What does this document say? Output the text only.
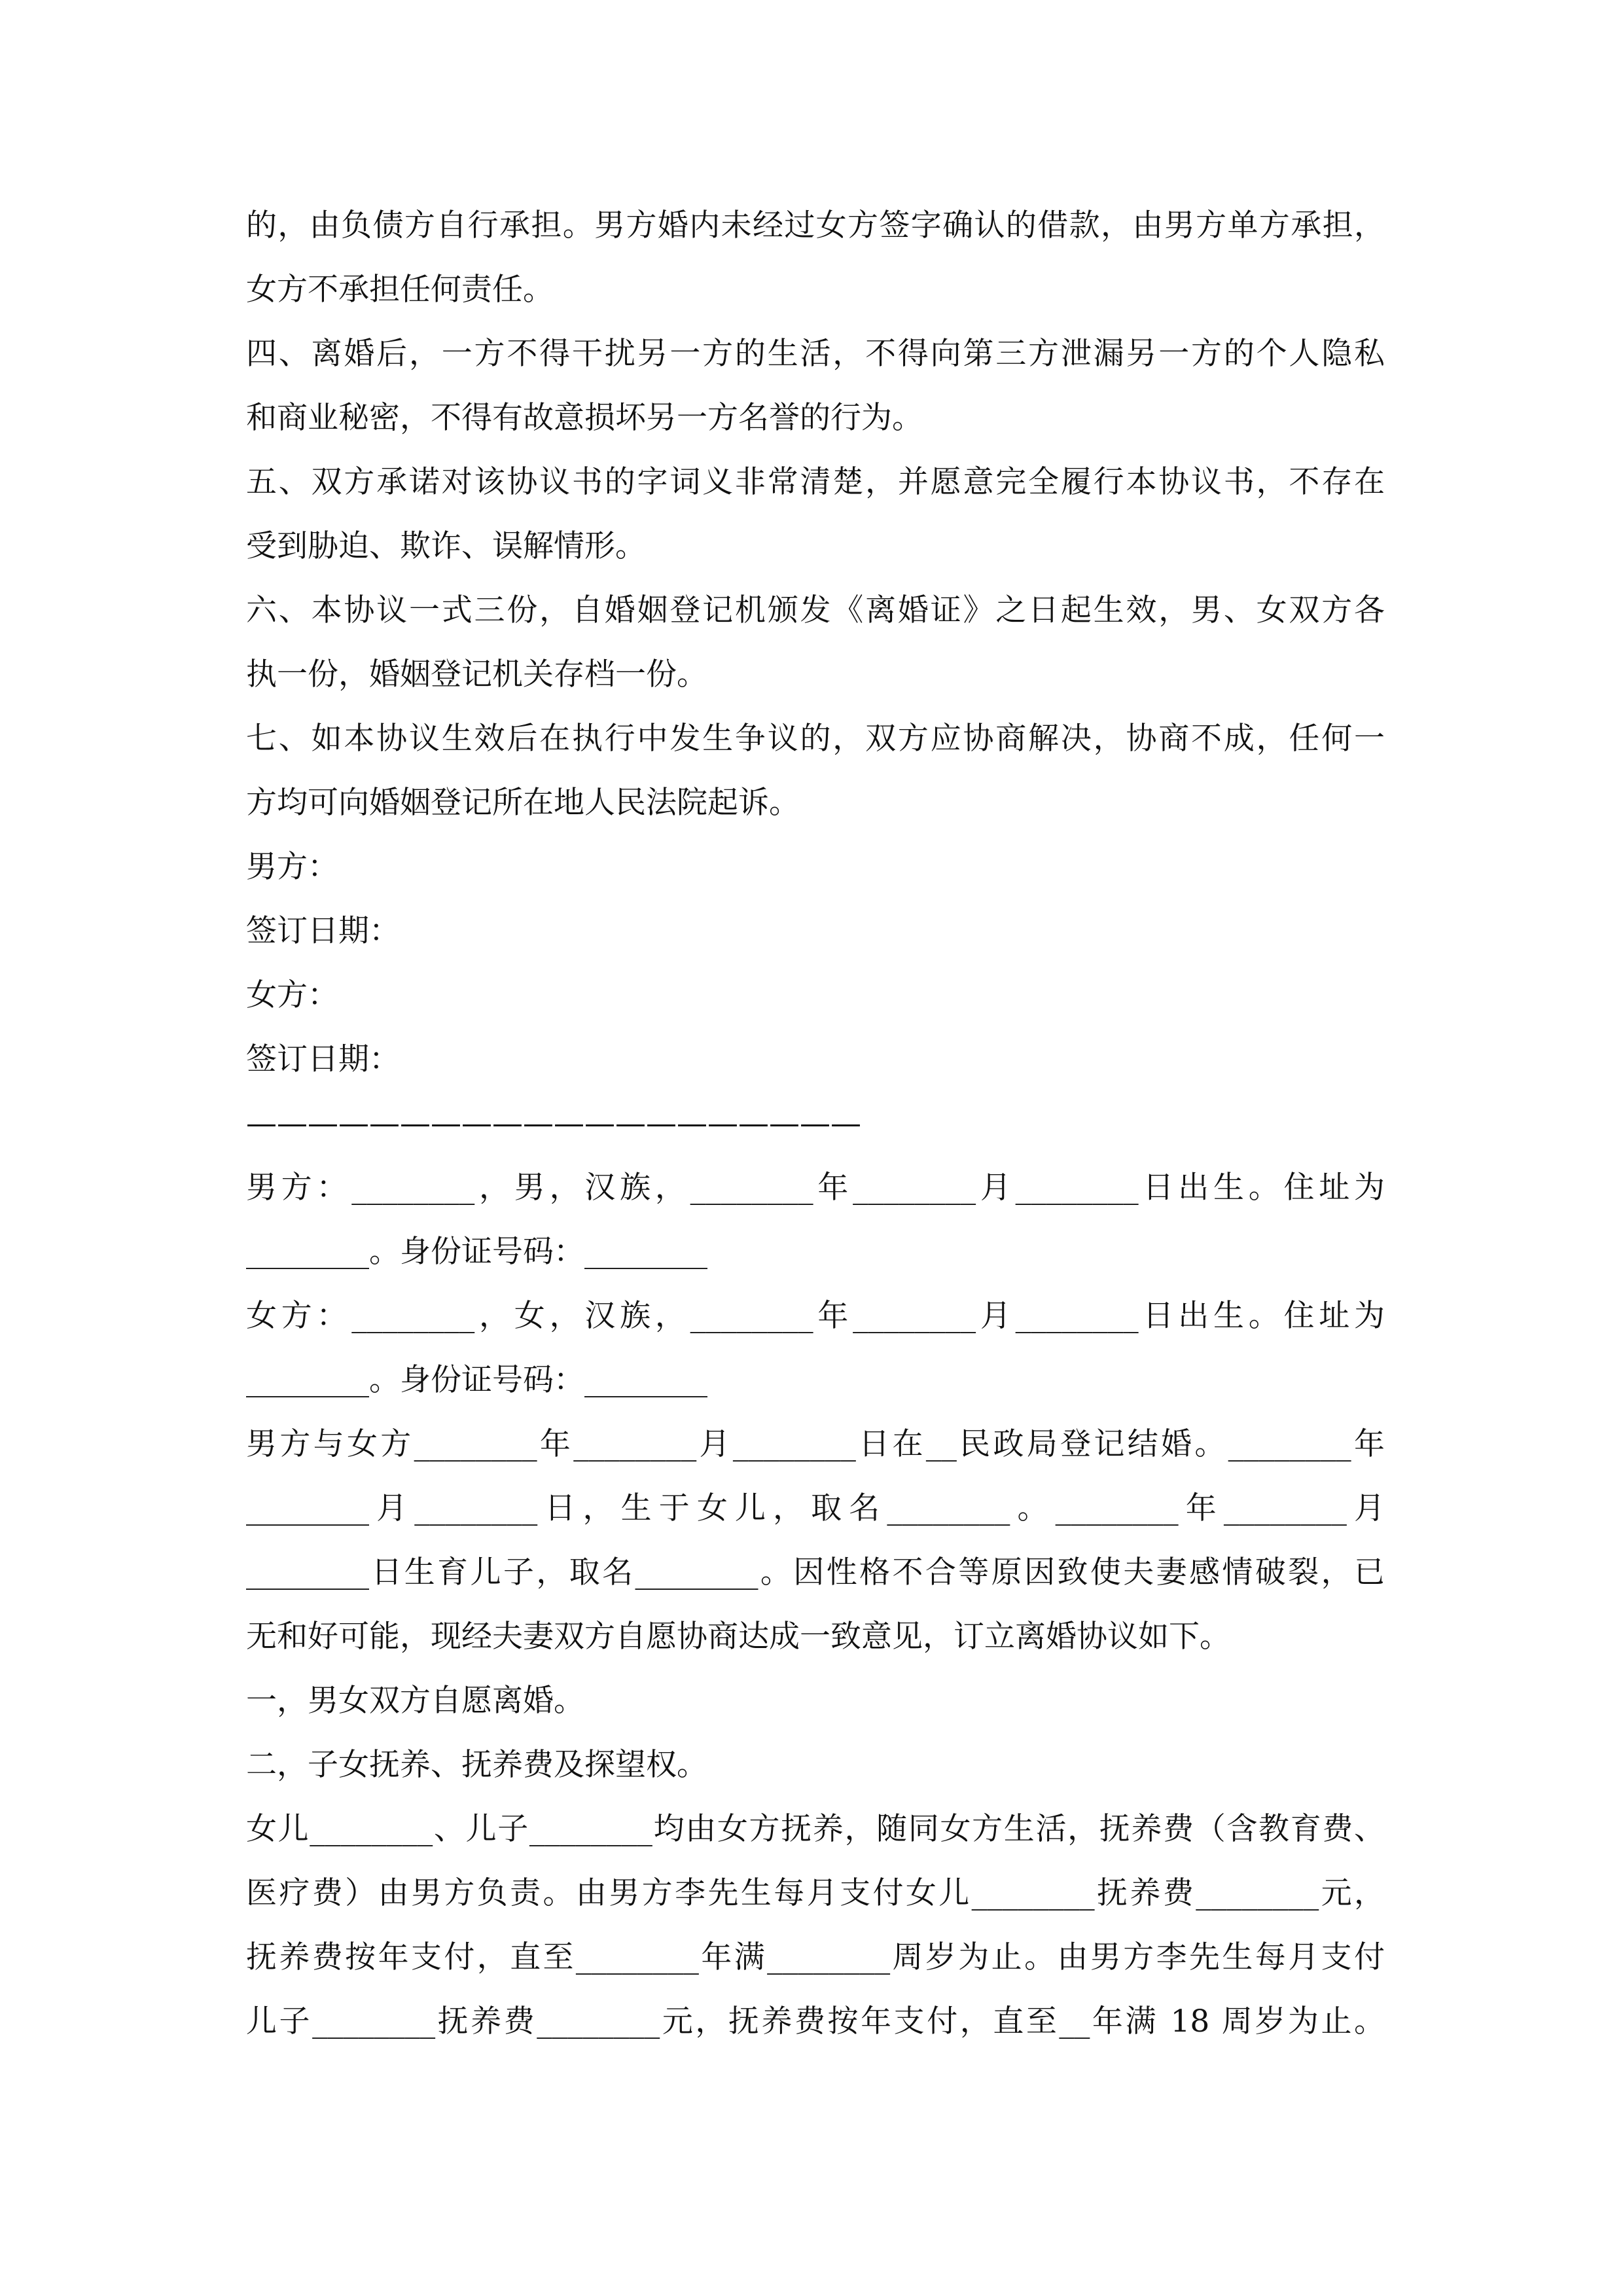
的，由负债方自行承担。男方婚内未经过女方签字确认的借款，由男方单方承担，
女方不承担任何责任。
四、离婚后，一方不得干扰另一方的生活，不得向第三方泄漏另一方的个人隐私
和商业秘密，不得有故意损坏另一方名誉的行为。
五、双方承诺对该协议书的字词义非常清楚，并愿意完全履行本协议书，不存在
受到胁迫、欺诈、误解情形。
六、本协议一式三份，自婚姻登记机颁发《离婚证》之日起生效，男、女双方各
执一份，婚姻登记机关存档一份。
七、如本协议生效后在执行中发生争议的，双方应协商解决，协商不成，任何一
方均可向婚姻登记所在地人民法院起诉。
男方：
签订日期：
女方：
签订日期：
————————————————————
男方：________，男，汉族，________年________月________日出生。住址为
________。身份证号码：________
女方：________，女，汉族，________年________月________日出生。住址为
________。身份证号码：________
男方与女方________年________月________日在__民政局登记结婚。________年
________月________日，生于女儿，取名________。________年________月
________日生育儿子，取名________。因性格不合等原因致使夫妻感情破裂，已
无和好可能，现经夫妻双方自愿协商达成一致意见，订立离婚协议如下。
一，男女双方自愿离婚。
二，子女抚养、抚养费及探望权。
女儿________、儿子________均由女方抚养，随同女方生活，抚养费（含教育费、
医疗费）由男方负责。由男方李先生每月支付女儿________抚养费________元，
抚养费按年支付，直至________年满________周岁为止。由男方李先生每月支付
儿子________抚养费________元，抚养费按年支付，直至__年满 18 周岁为止。
